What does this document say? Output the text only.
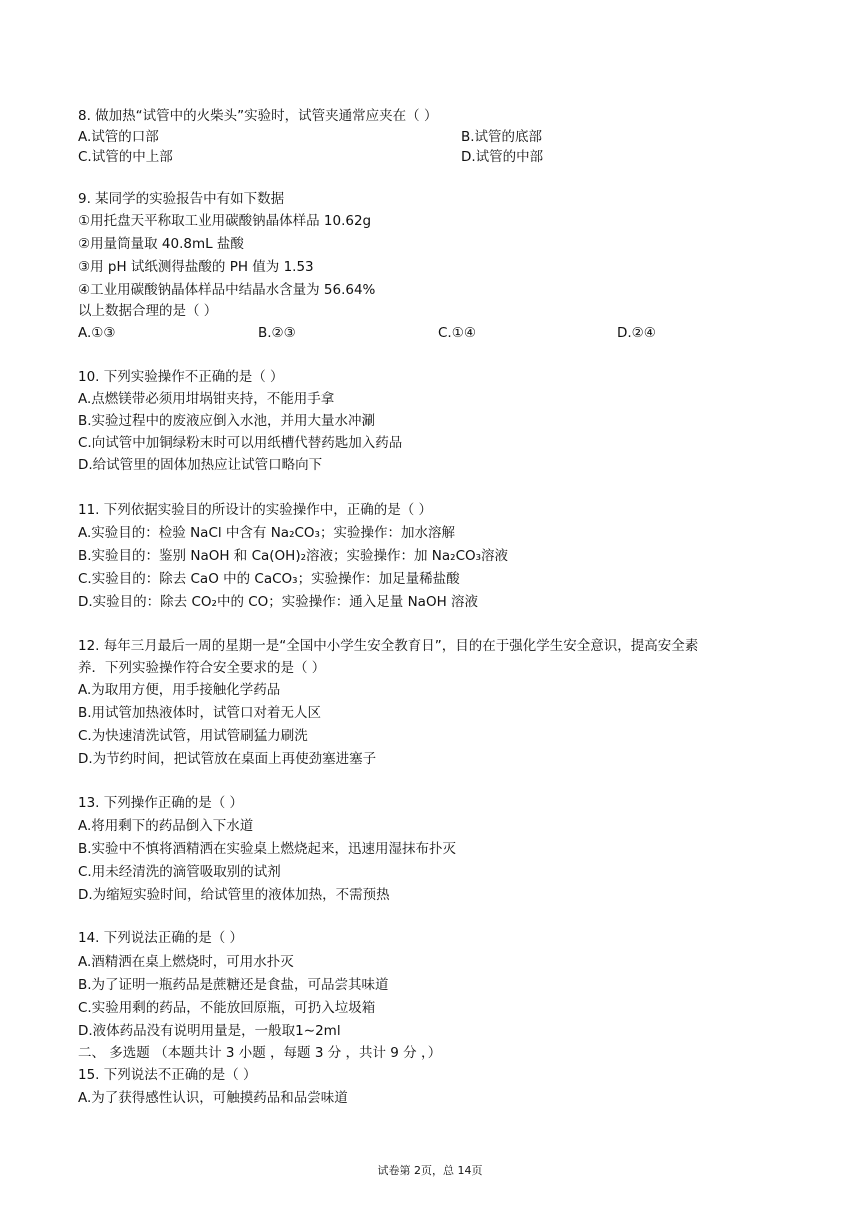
8. 做加热“试管中的火柴头”实验时，试管夹通常应夹在（ ）
A.试管的口部	B.试管的底部
C.试管的中上部	D.试管的中部
9. 某同学的实验报告中有如下数据
①用托盘天平称取工业用碳酸钠晶体样品 10.62g
②用量筒量取 40.8mL 盐酸
③用 pH 试纸测得盐酸的 PH 值为 1.53
④工业用碳酸钠晶体样品中结晶水含量为 56.64%
以上数据合理的是（ ）
A.①③	B.②③	C.①④	D.②④
10. 下列实验操作不正确的是（ ）
A.点燃镁带必须用坩埚钳夹持，不能用手拿
B.实验过程中的废液应倒入水池，并用大量水冲涮
C.向试管中加铜绿粉末时可以用纸槽代替药匙加入药品
D.给试管里的固体加热应让试管口略向下
11. 下列依据实验目的所设计的实验操作中，正确的是（ ）
A.实验目的：检验 NaCl 中含有 Na₂CO₃；实验操作：加水溶解
B.实验目的：鉴别 NaOH 和 Ca(OH)₂溶液；实验操作：加 Na₂CO₃溶液
C.实验目的：除去 CaO 中的 CaCO₃；实验操作：加足量稀盐酸
D.实验目的：除去 CO₂中的 CO；实验操作：通入足量 NaOH 溶液
12. 每年三月最后一周的星期一是“全国中小学生安全教育日”，目的在于强化学生安全意识，提高安全素
养．下列实验操作符合安全要求的是（ ）
A.为取用方便，用手接触化学药品
B.用试管加热液体时，试管口对着无人区
C.为快速清洗试管，用试管刷猛力刷洗
D.为节约时间，把试管放在桌面上再使劲塞进塞子
13. 下列操作正确的是（ ）
A.将用剩下的药品倒入下水道
B.实验中不慎将酒精洒在实验桌上燃烧起来，迅速用湿抹布扑灭
C.用未经清洗的滴管吸取别的试剂
D.为缩短实验时间，给试管里的液体加热，不需预热
14. 下列说法正确的是（ ）
A.酒精洒在桌上燃烧时，可用水扑灭
B.为了证明一瓶药品是蔗糖还是食盐，可品尝其味道
C.实验用剩的药品，不能放回原瓶，可扔入垃圾箱
D.液体药品没有说明用量是，一般取1∼2ml
二、 多选题 （本题共计 3 小题 ，每题 3 分 ，共计 9 分 ，）
15. 下列说法不正确的是（ ）
A.为了获得感性认识，可触摸药品和品尝味道
试卷第 2页，总 14页
